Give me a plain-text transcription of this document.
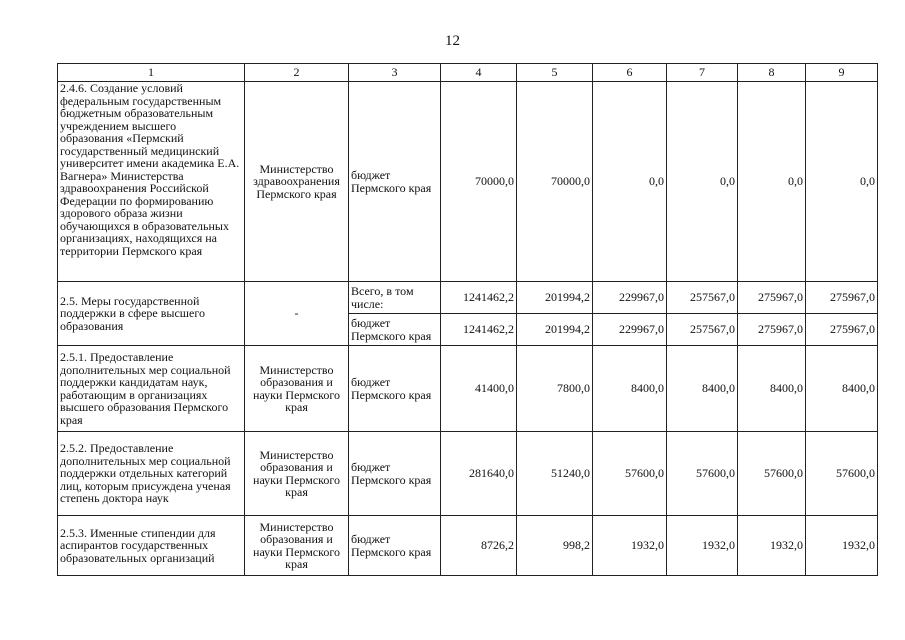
12
1	2	3	4	5	6	7	8	9
2.4.6. Создание условий федеральным государственным бюджетным образовательным учреждением высшего образования «Пермский государственный медицинский университет имени академика Е.А. Вагнера» Министерства здравоохранения Российской Федерации по формированию здорового образа жизни обучающихся в образовательных организациях, находящихся на территории Пермского края	Министерство здравоохранения Пермского края	бюджет Пермского края	70000,0	70000,0	0,0	0,0	0,0	0,0
2.5. Меры государственной поддержки в сфере высшего образования	-	Всего, в том числе:	1241462,2	201994,2	229967,0	257567,0	275967,0	275967,0
		бюджет Пермского края	1241462,2	201994,2	229967,0	257567,0	275967,0	275967,0
2.5.1. Предоставление дополнительных мер социальной поддержки кандидатам наук, работающим в организациях высшего образования Пермского края	Министерство образования и науки Пермского края	бюджет Пермского края	41400,0	7800,0	8400,0	8400,0	8400,0	8400,0
2.5.2. Предоставление дополнительных мер социальной поддержки отдельных категорий лиц, которым присуждена ученая степень доктора наук	Министерство образования и науки Пермского края	бюджет Пермского края	281640,0	51240,0	57600,0	57600,0	57600,0	57600,0
2.5.3. Именные стипендии для аспирантов государственных образовательных организаций	Министерство образования и науки Пермского края	бюджет Пермского края	8726,2	998,2	1932,0	1932,0	1932,0	1932,0
